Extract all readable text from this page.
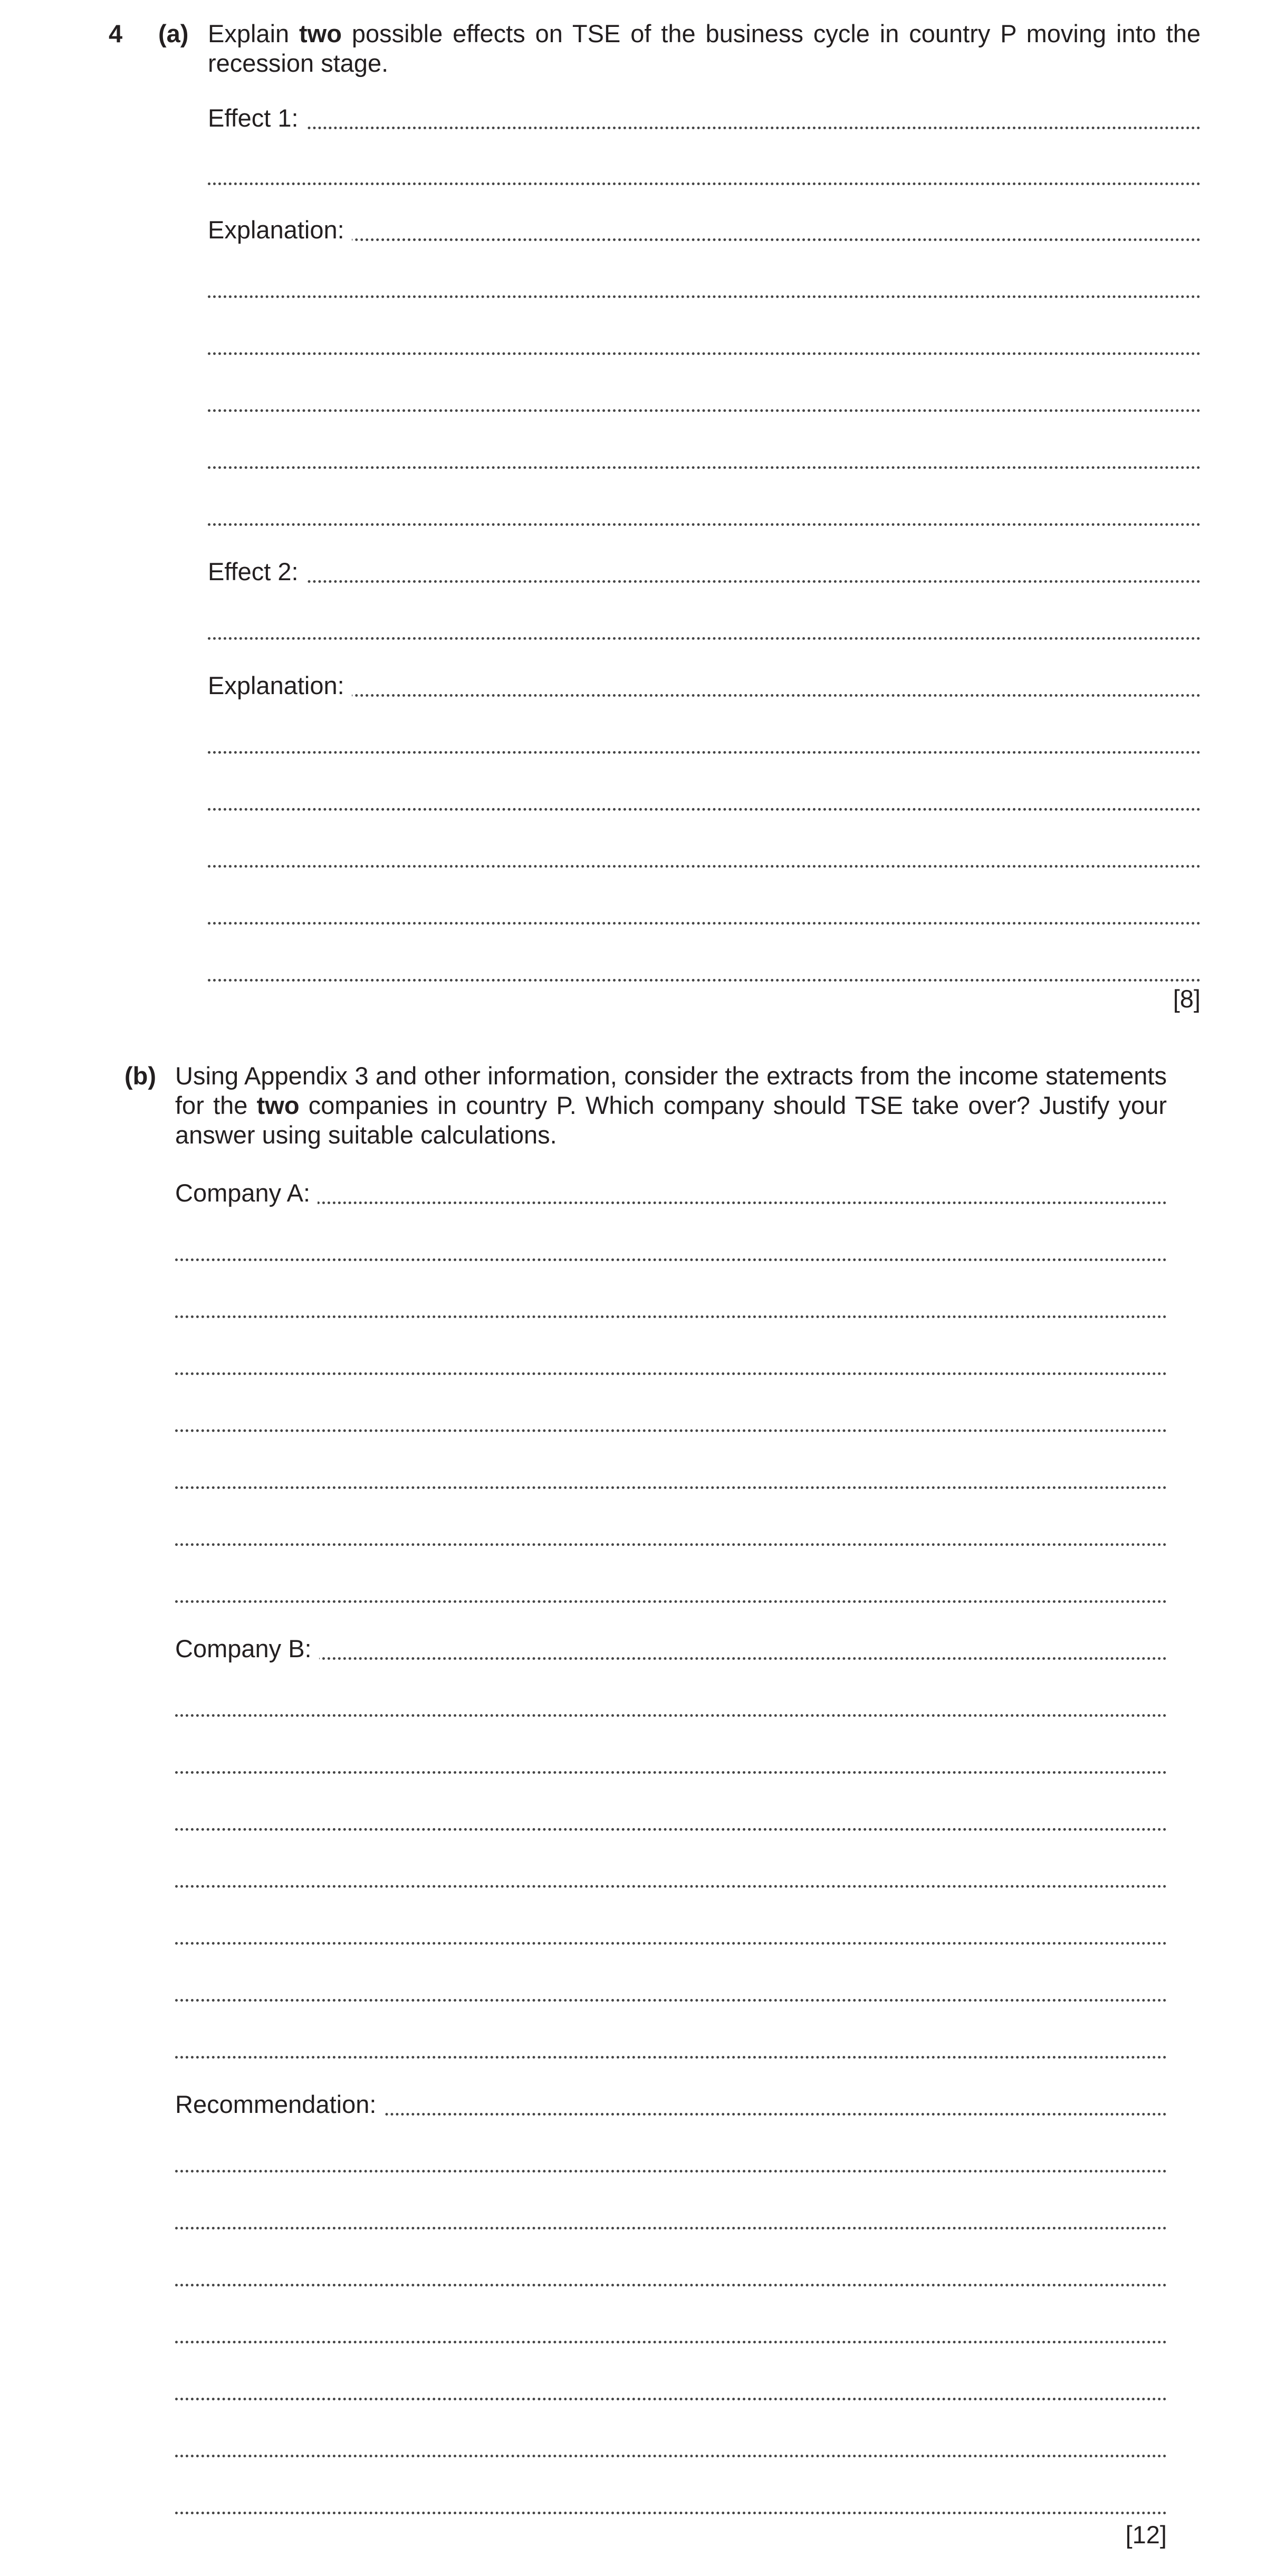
4 (a) Explain two possible effects on TSE of the business cycle in country P moving into the recession stage.
Effect 1:
Explanation:
Effect 2:
Explanation:
[8]
(b) Using Appendix 3 and other information, consider the extracts from the income statements for the two companies in country P. Which company should TSE take over? Justify your answer using suitable calculations.
Company A:
Company B:
Recommendation:
[12]
